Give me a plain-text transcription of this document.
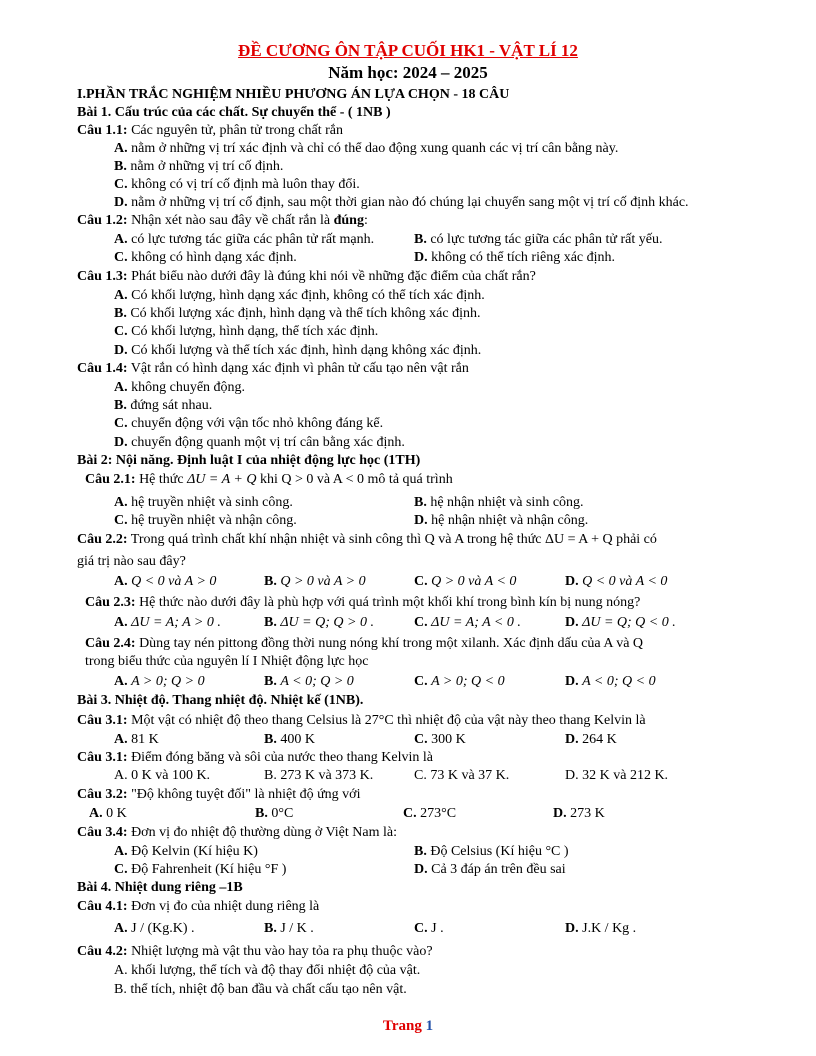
ĐỀ CƯƠNG ÔN TẬP CUỐI HK1 - VẬT LÍ 12
Năm học: 2024 – 2025
I.PHẦN TRẮC NGHIỆM NHIỀU PHƯƠNG ÁN LỰA CHỌN - 18 CÂU
Bài 1. Cấu trúc của các chất. Sự chuyển thể - ( 1NB )
Câu 1.1: Các nguyên tử, phân tử trong chất rắn
A. nằm ở những vị trí xác định và chỉ có thể dao động xung quanh các vị trí cân bằng này.
B. nằm ở những vị trí cố định.
C. không có vị trí cố định mà luôn thay đổi.
D. nằm ở những vị trí cố định, sau một thời gian nào đó chúng lại chuyển sang một vị trí cố định khác.
Câu 1.2: Nhận xét nào sau đây về chất rắn là đúng:
A. có lực tương tác giữa các phân tử rất mạnh.	B. có lực tương tác giữa các phân tử rất yếu.
C. không có hình dạng xác định.	D. không có thể tích riêng xác định.
Câu 1.3: Phát biểu nào dưới đây là đúng khi nói về những đặc điểm của chất rắn?
A. Có khối lượng, hình dạng xác định, không có thể tích xác định.
B. Có khối lượng xác định, hình dạng và thể tích không xác định.
C. Có khối lượng, hình dạng, thể tích xác định.
D. Có khối lượng và thể tích xác định, hình dạng không xác định.
Câu 1.4: Vật rắn có hình dạng xác định vì phân tử cấu tạo nên vật rắn
A. không chuyển động.
B. đứng sát nhau.
C. chuyển động với vận tốc nhỏ không đáng kể.
D. chuyển động quanh một vị trí cân bằng xác định.
Bài 2: Nội năng. Định luật I của nhiệt động lực học (1TH)
Câu 2.1: Hệ thức ΔU = A + Q khi Q > 0 và A < 0 mô tả quá trình
A. hệ truyền nhiệt và sinh công.	B. hệ nhận nhiệt và sinh công.
C. hệ truyền nhiệt và nhận công.	D. hệ nhận nhiệt và nhận công.
Câu 2.2: Trong quá trình chất khí nhận nhiệt và sinh công thì Q và A trong hệ thức ΔU = A + Q phải có
giá trị nào sau đây?
A. Q < 0 và A > 0	B. Q > 0 và A > 0	C. Q > 0 và A < 0	D. Q < 0 và A < 0
Câu 2.3: Hệ thức nào dưới đây là phù hợp với quá trình một khối khí trong bình kín bị nung nóng?
A. ΔU = A; A > 0 .	B. ΔU = Q; Q > 0 .	C. ΔU = A; A < 0 .	D. ΔU = Q; Q < 0 .
Câu 2.4: Dùng tay nén pittong đồng thời nung nóng khí trong một xilanh. Xác định dấu của A và Q
trong biểu thức của nguyên lí I Nhiệt động lực học
A. A > 0; Q > 0	B. A < 0; Q > 0	C. A > 0; Q < 0	D. A < 0; Q < 0
Bài 3. Nhiệt độ. Thang nhiệt độ. Nhiệt kế (1NB).
Câu 3.1: Một vật có nhiệt độ theo thang Celsius là 27°C thì nhiệt độ của vật này theo thang Kelvin là
A. 81 K	B. 400 K	C. 300 K	D. 264 K
Câu 3.1: Điểm đóng băng và sôi của nước theo thang Kelvin là
A. 0 K và 100 K.	B. 273 K và 373 K.	C. 73 K và 37 K.	D. 32 K và 212 K.
Câu 3.2: "Độ không tuyệt đối" là nhiệt độ ứng với
A. 0 K	B. 0°C	C. 273°C	D. 273 K
Câu 3.4: Đơn vị đo nhiệt độ thường dùng ở Việt Nam là:
A. Độ Kelvin (Kí hiệu K)	B. Độ Celsius (Kí hiệu °C )
C. Độ Fahrenheit (Kí hiệu °F )	D. Cả 3 đáp án trên đều sai
Bài 4. Nhiệt dung riêng –1B
Câu 4.1: Đơn vị đo của nhiệt dung riêng là
A. J / (Kg.K) .	B. J / K .	C. J .	D. J.K / Kg .
Câu 4.2: Nhiệt lượng mà vật thu vào hay tỏa ra phụ thuộc vào?
A. khối lượng, thể tích và độ thay đổi nhiệt độ của vật.
B. thể tích, nhiệt độ ban đầu và chất cấu tạo nên vật.
Trang 1
